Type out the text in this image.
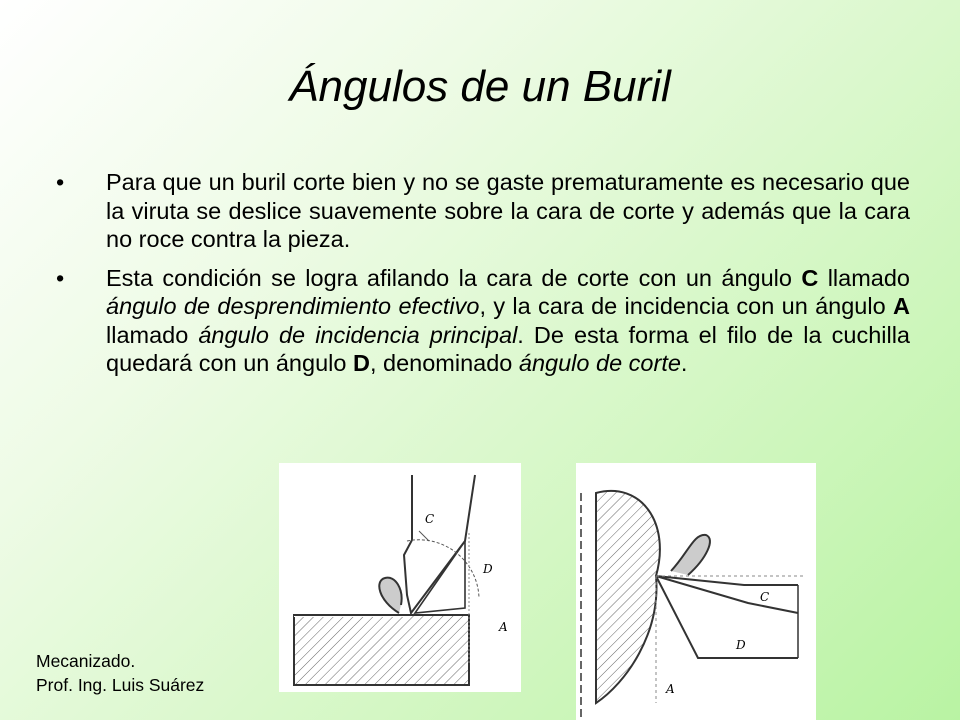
Ángulos de un Buril
• Para que un buril corte bien y no se gaste prematuramente es necesario que la viruta se deslice suavemente sobre la cara de corte y además que la cara no roce contra la pieza.
• Esta condición se logra afilando la cara de corte con un ángulo C llamado ángulo de desprendimiento efectivo, y la cara de incidencia con un ángulo A llamado ángulo de incidencia principal. De esta forma el filo de la cuchilla quedará con un ángulo D, denominado ángulo de corte.
C
D
A
C
D
A
Mecanizado.
Prof. Ing. Luis Suárez
